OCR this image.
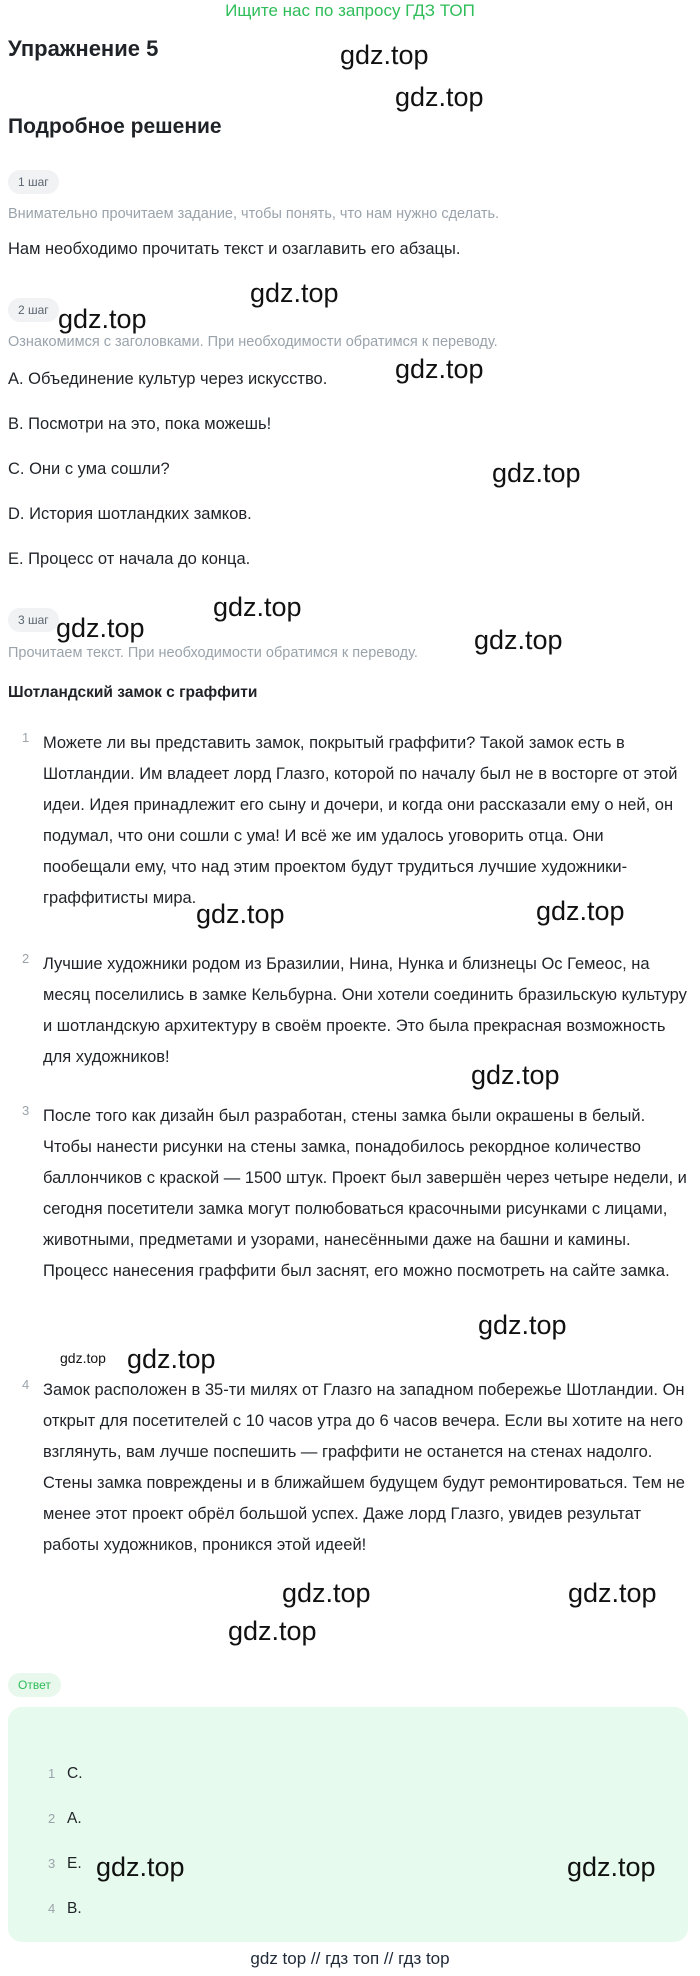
Ищите нас по запросу ГДЗ ТОП
Упражнение 5
Подробное решение
1 шаг
Внимательно прочитаем задание, чтобы понять, что нам нужно сделать.
Нам необходимо прочитать текст и озаглавить его абзацы.
2 шаг
Ознакомимся с заголовками. При необходимости обратимся к переводу.
A. Объединение культур через искусство.
B. Посмотри на это, пока можешь!
C. Они с ума сошли?
D. История шотландких замков.
E. Процесс от начала до конца.
3 шаг
Прочитаем текст. При необходимости обратимся к переводу.
Шотландский замок с граффити
1 Можете ли вы представить замок, покрытый граффити? Такой замок есть в Шотландии. Им владеет лорд Глазго, которой по началу был не в восторге от этой идеи. Идея принадлежит его сыну и дочери, и когда они рассказали ему о ней, он подумал, что они сошли с ума! И всё же им удалось уговорить отца. Они пообещали ему, что над этим проектом будут трудиться лучшие художники-граффитисты мира.
2 Лучшие художники родом из Бразилии, Нина, Нунка и близнецы Ос Гемеос, на месяц поселились в замке Кельбурна. Они хотели соединить бразильскую культуру и шотландскую архитектуру в своём проекте. Это была прекрасная возможность для художников!
3 После того как дизайн был разработан, стены замка были окрашены в белый. Чтобы нанести рисунки на стены замка, понадобилось рекордное количество баллончиков с краской — 1500 штук. Проект был завершён через четыре недели, и сегодня посетители замка могут полюбоваться красочными рисунками с лицами, животными, предметами и узорами, нанесёнными даже на башни и камины. Процесс нанесения граффити был заснят, его можно посмотреть на сайте замка.
4 Замок расположен в 35-ти милях от Глазго на западном побережье Шотландии. Он открыт для посетителей с 10 часов утра до 6 часов вечера. Если вы хотите на него взглянуть, вам лучше поспешить — граффити не останется на стенах надолго. Стены замка повреждены и в ближайшем будущем будут ремонтироваться. Тем не менее этот проект обрёл большой успех. Даже лорд Глазго, увидев результат работы художников, проникся этой идеей!
Ответ
1 C.
2 A.
3 E.
4 B.
gdz top // гдз топ // гдз top
gdz.top
gdz.top
gdz.top
gdz.top
gdz.top
gdz.top
gdz.top
gdz.top	gdz.top
gdz.top
gdz.top
gdz.top
gdz.top
gdz.top gdz.top
gdz.top	gdz.top
gdz.top
gdz.top	gdz.top
